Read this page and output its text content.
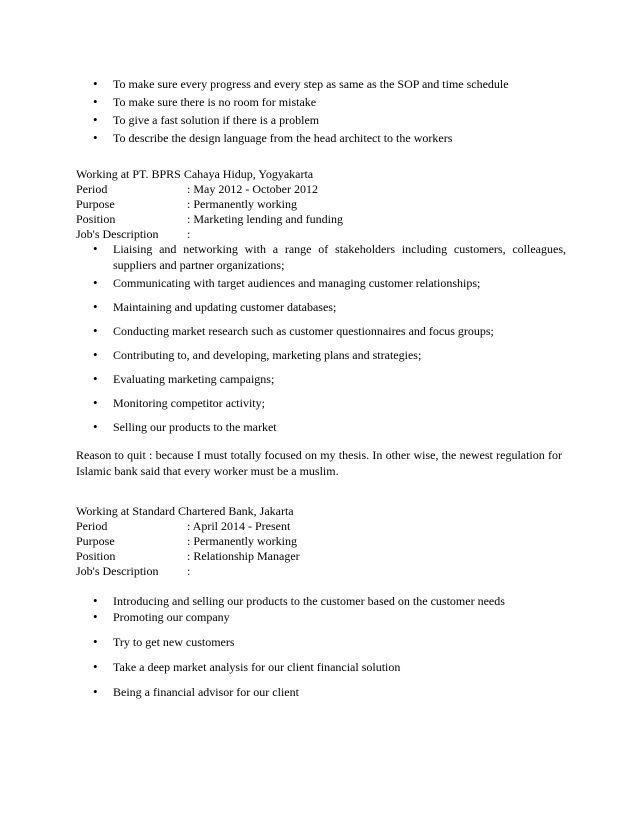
• To make sure every progress and every step as same as the SOP and time schedule
• To make sure there is no room for mistake
• To give a fast solution if there is a problem
• To describe the design language from the head architect to the workers
Working at PT. BPRS Cahaya Hidup, Yogyakarta
Period	: May 2012 - October 2012
Purpose	: Permanently working
Position	: Marketing lending and funding
Job's Description :
• Liaising and networking with a range of stakeholders including customers, colleagues, suppliers and partner organizations;
• Communicating with target audiences and managing customer relationships;
• Maintaining and updating customer databases;
• Conducting market research such as customer questionnaires and focus groups;
• Contributing to, and developing, marketing plans and strategies;
• Evaluating marketing campaigns;
• Monitoring competitor activity;
• Selling our products to the market
Reason to quit : because I must totally focused on my thesis. In other wise, the newest regulation for Islamic bank said that every worker must be a muslim.
Working at Standard Chartered Bank, Jakarta
Period	: April 2014 - Present
Purpose	: Permanently working
Position	: Relationship Manager
Job's Description :
• Introducing and selling our products to the customer based on the customer needs
• Promoting our company
• Try to get new customers
• Take a deep market analysis for our client financial solution
• Being a financial advisor for our client
